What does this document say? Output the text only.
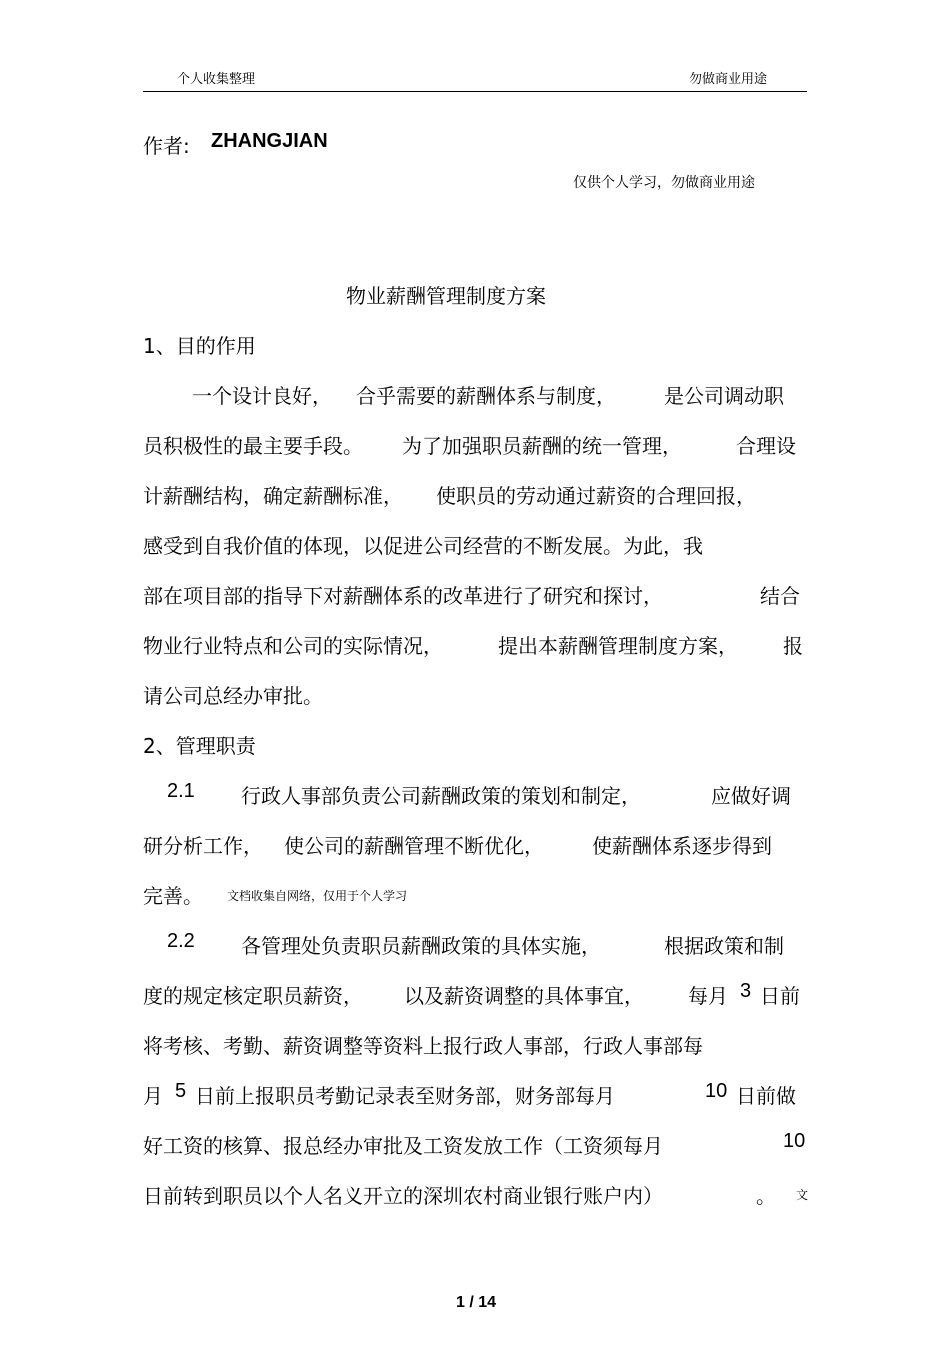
个人收集整理	勿做商业用途
作者: ZHANGJIAN
仅供个人学习，勿做商业用途
物业薪酬管理制度方案
1、目的作用
一个设计良好， 合乎需要的薪酬体系与制度， 是公司调动职
员积极性的最主要手段。 为了加强职员薪酬的统一管理，	合理设
计薪酬结构，确定薪酬标准， 使职员的劳动通过薪资的合理回报，
感受到自我价值的体现，以促进公司经营的不断发展。为此，我
部在项目部的指导下对薪酬体系的改革进行了研究和探讨，	结合
物业行业特点和公司的实际情况，	提出本薪酬管理制度方案， 报
请公司总经办审批。
2、管理职责
2.1 行政人事部负责公司薪酬政策的策划和制定，	应做好调
研分析工作， 使公司的薪酬管理不断优化， 使薪酬体系逐步得到
完善。 文档收集自网络，仅用于个人学习
2.2 各管理处负责职员薪酬政策的具体实施，	根据政策和制
度的规定核定职员薪资， 以及薪资调整的具体事宜， 每月 3 日前
将考核、考勤、薪资调整等资料上报行政人事部，行政人事部每
月 5 日前上报职员考勤记录表至财务部，财务部每月	10 日前做
好工资的核算、报总经办审批及工资发放工作（工资须每月	10
日前转到职员以个人名义开立的深圳农村商业银行账户内）	。 文
1 / 14
